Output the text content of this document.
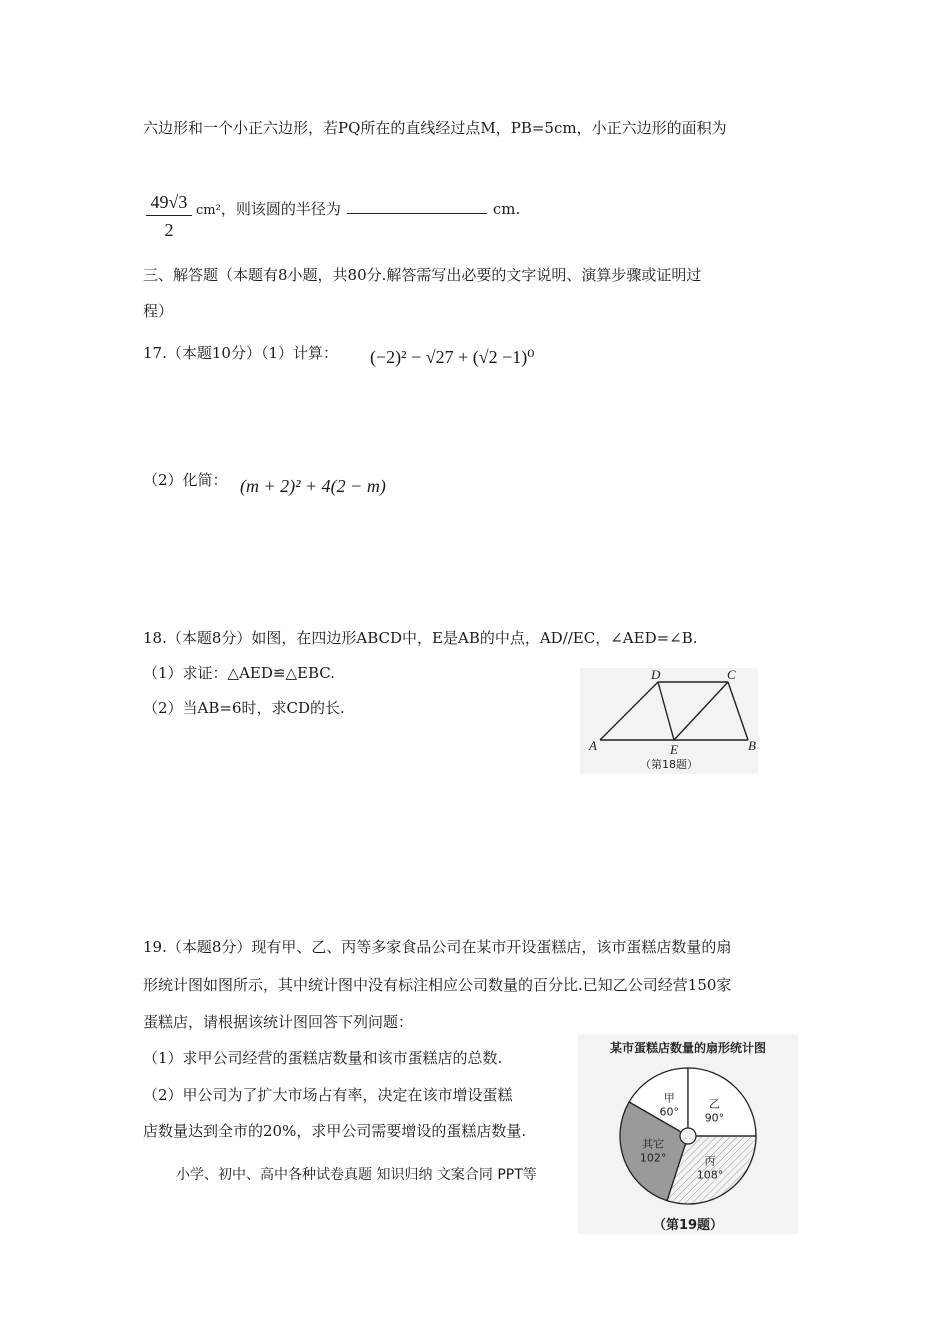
六边形和一个小正六边形，若PQ所在的直线经过点M，PB=5cm，小正六边形的面积为
$\frac{49√3}{2} cm^2$，则该圆的半径为	cm.
三、解答题（本题有8小题，共80分.解答需写出必要的文字说明、演算步骤或证明过
程）
17.（本题10分）（1）计算： (−2)² − √27 + (√2 −1)⁰
（2）化简： (m + 2)² + 4(2 − m)
18.（本题8分）如图，在四边形ABCD中，E是AB的中点，AD//EC，∠AED=∠B.
（1）求证：△AED≌△EBC.
（2）当AB=6时，求CD的长.
A	B
C
D
E
（第18题）
19.（本题8分）现有甲、乙、丙等多家食品公司在某市开设蛋糕店，该市蛋糕店数量的扇
形统计图如图所示，其中统计图中没有标注相应公司数量的百分比.已知乙公司经营150家
蛋糕店，请根据该统计图回答下列问题：
（1）求甲公司经营的蛋糕店数量和该市蛋糕店的总数.
（2）甲公司为了扩大市场占有率，决定在该市增设蛋糕
店数量达到全市的20%，求甲公司需要增设的蛋糕店数量.
某市蛋糕店数量的扇形统计图
甲
60°
乙
90°
丙
108°
其它
102°
（第19题）
小学、初中、高中各种试卷真题 知识归纳 文案合同 PPT等
